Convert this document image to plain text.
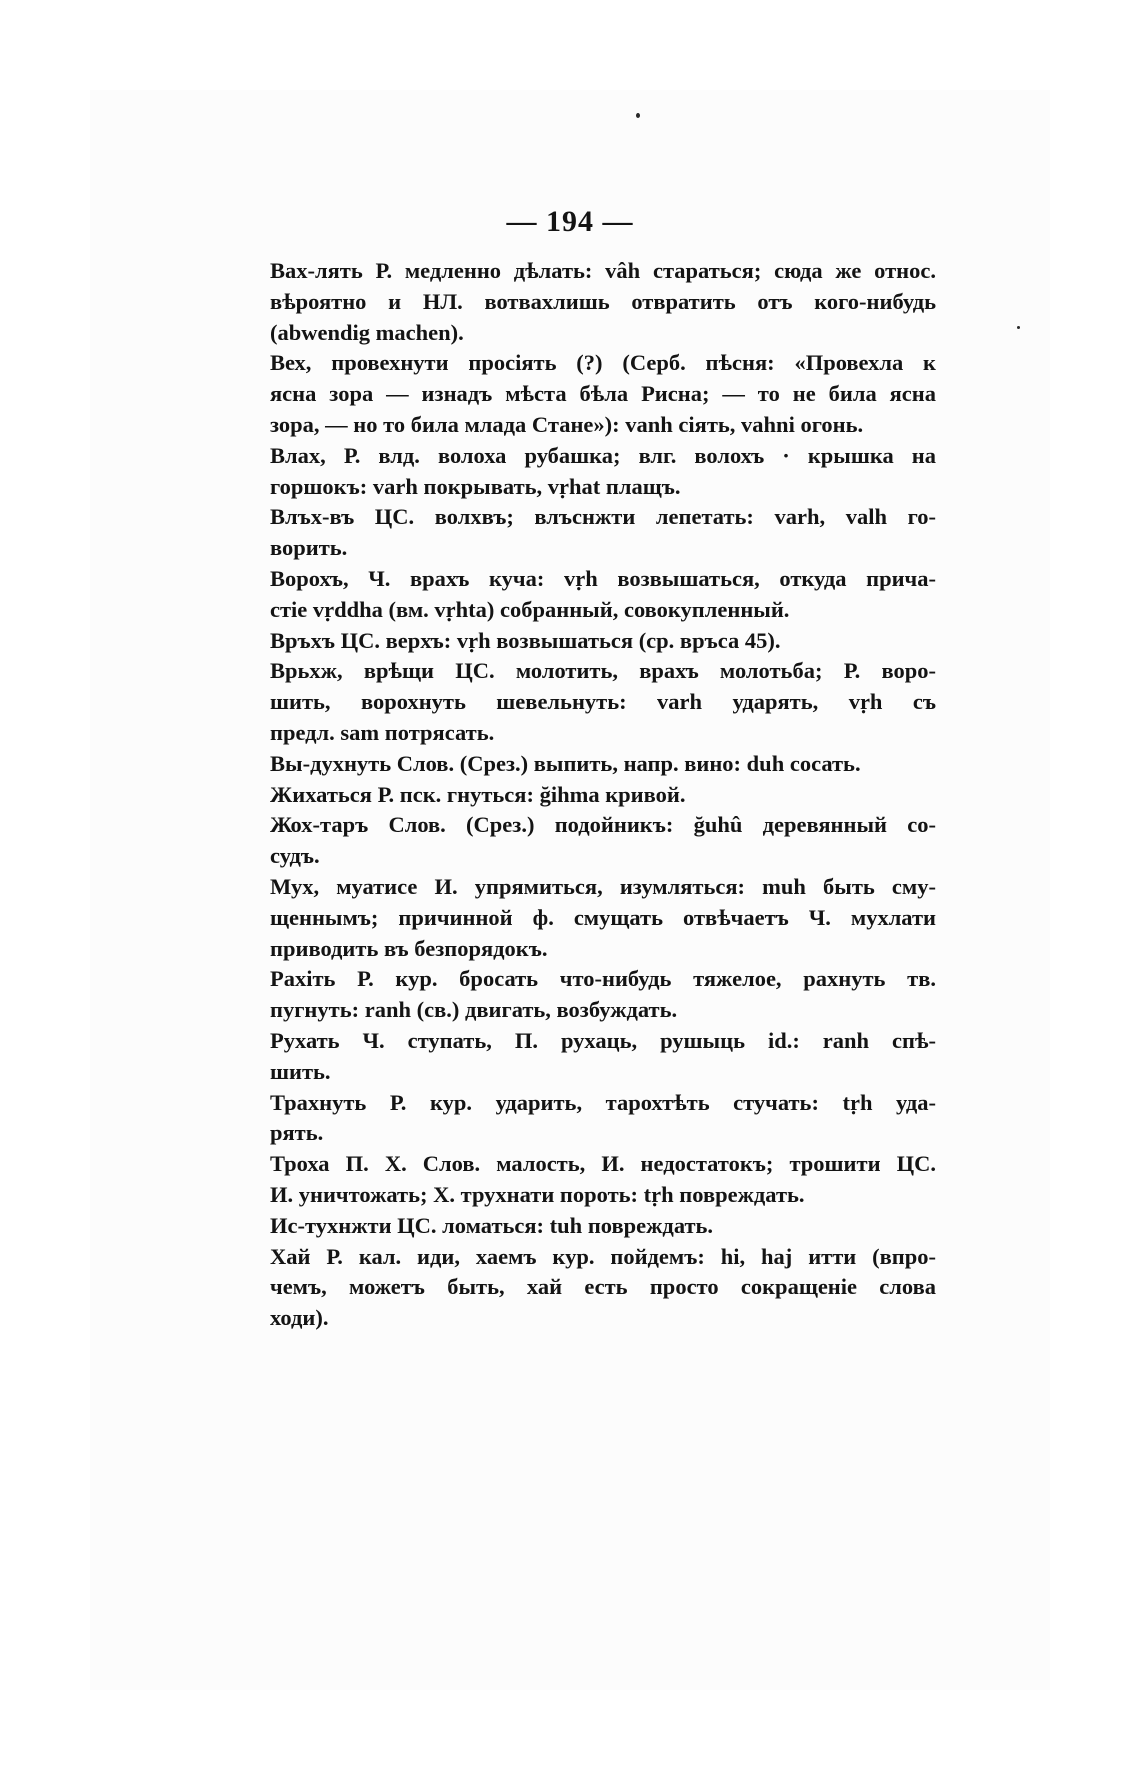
— 194 —
Вах-лять Р. медленно дѣлать: vâh стараться; сюда же относ.
вѣроятно и НЛ. вотвахлишь отвратить отъ кого-нибудь
(abwendig machen).
Вех, провехнути просіять (?) (Серб. пѣсня: «Провехла к
ясна зора — изнадъ мѣста бѣла Рисна; — то не била ясна
зора, — но то била млада Стане»): vanh сіять, vahni огонь.
Влах, Р. влд. волоха рубашка; влг. волохъ · крышка на
горшокъ: varh покрывать, vṛhat плащъ.
Влъх-въ ЦС. волхвъ; влъснжти лепетать: varh, valh го-
ворить.
Ворохъ, Ч. врахъ куча: vṛh возвышаться, откуда причa-
стіе vṛddha (вм. vṛhta) собранный, совокупленный.
Вpъxъ ЦС. верхъ: vṛh возвышаться (ср. връса 45).
Врьхж, врѣщи ЦС. молотить, врахъ молотьба; Р. воро-
шить, ворохнуть шевельнуть: varh ударять, vṛh съ
предл. sam потрясать.
Вы-духнуть Слов. (Срез.) выпить, напр. вино: duh сосать.
Жихаться Р. пск. гнуться: ğihma кривой.
Жох-таръ Слов. (Срез.) подойникъ: ğuhû деревянный со-
судъ.
Мух, муатисе И. упрямиться, изумляться: muh быть сму-
щеннымъ; причинной ф. смущать отвѣчаетъ Ч. мухлати
приводить въ безпорядокъ.
Рахіть Р. кур. бросать что-нибудь тяжелое, рахнуть тв.
пугнуть: ranh (св.) двигать, возбуждать.
Рухать Ч. ступать, П. рухаць, рушыць id.: ranh спѣ-
шить.
Трахнуть Р. кур. ударить, тарохтѣть стучать: tṛh уда-
рять.
Троха П. Х. Слов. малость, И. недостатокъ; трошити ЦС.
И. уничтожать; Х. трухнати пороть: tṛh повреждать.
Ис-тухнжти ЦС. ломаться: tuh повреждать.
Хай Р. кал. иди, хаемъ кур. пойдемъ: hi, haj итти (впро-
чемъ, можетъ быть, хай есть просто сокращеніе слова
ходи).
